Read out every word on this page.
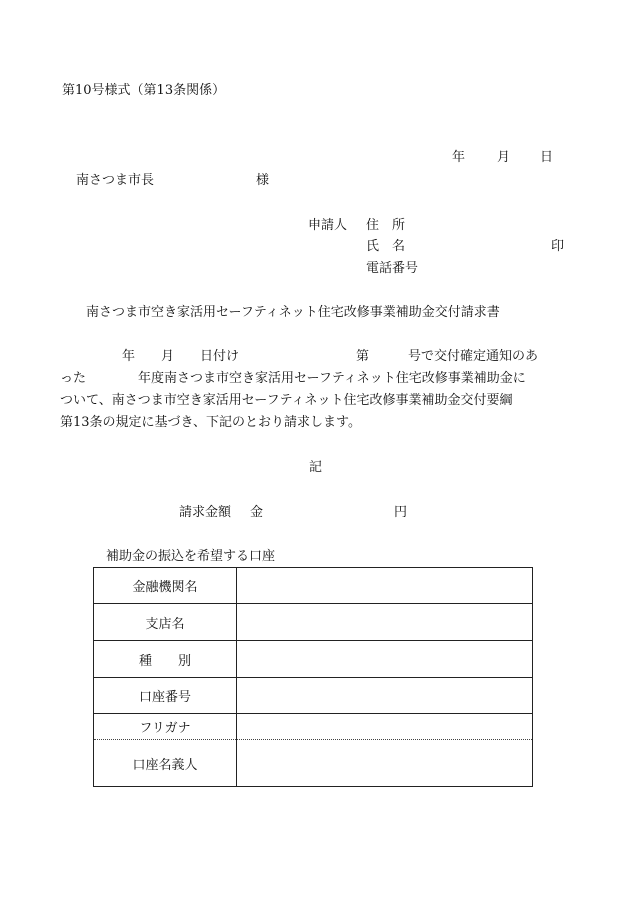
第10号様式（第13条関係）
年 月 日
南さつま市長	様
申請人 住　所
氏　名	印
電話番号
南さつま市空き家活用セーフティネット住宅改修事業補助金交付請求書
年　　月　　日付け　　　　　　　　　第　　　号で交付確定通知のあ
った　　　　年度南さつま市空き家活用セーフティネット住宅改修事業補助金に
ついて、南さつま市空き家活用セーフティネット住宅改修事業補助金交付要綱
第13条の規定に基づき、下記のとおり請求します。
記
請求金額 金	円
補助金の振込を希望する口座
金融機関名	
支店名	
種　　別	
口座番号	
フリガナ	
口座名義人	
